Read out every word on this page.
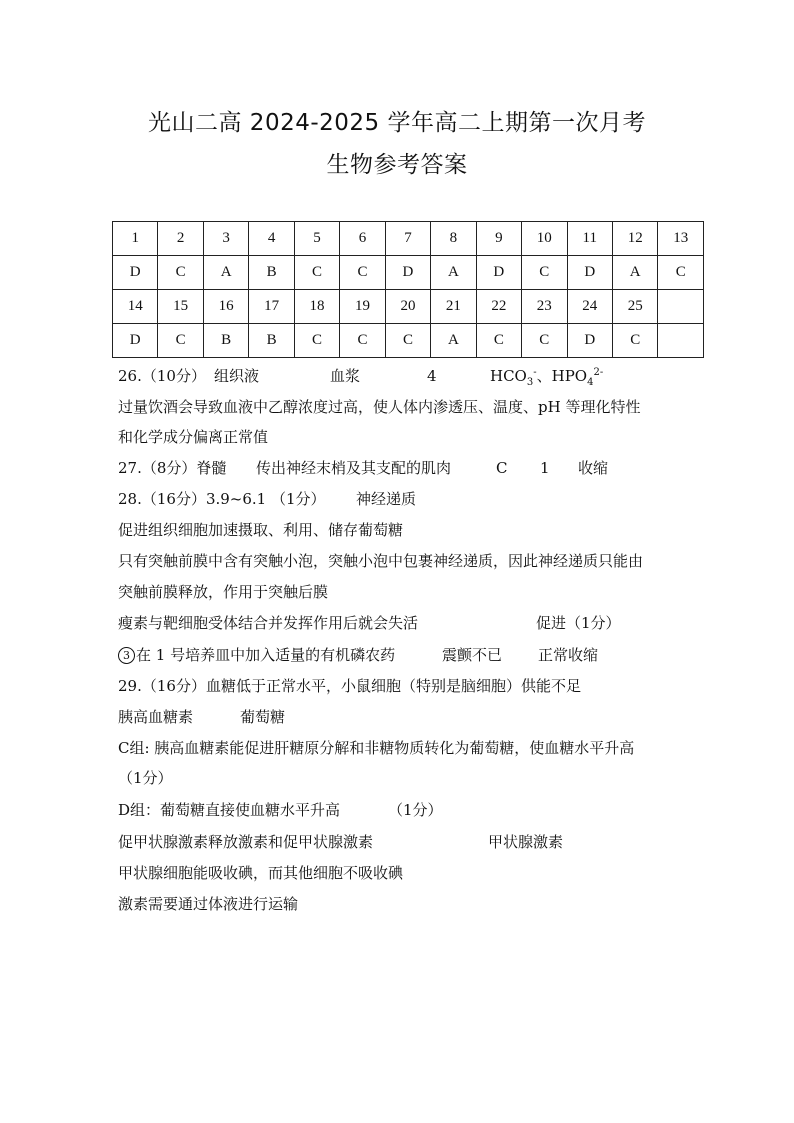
光山二高 2024-2025 学年高二上期第一次月考
生物参考答案
1	2	3	4	5	6	7	8	9	10	11	12	13
D	C	A	B	C	C	D	A	D	C	D	A	C
14	15	16	17	18	19	20	21	22	23	24	25	
D	C	B	B	C	C	C	A	C	C	D	C	
26.（10分） 组织液	血浆	4	$HCO_3^-$、$HPO_4^{2-}$
过量饮酒会导致血液中乙醇浓度过高，使人体内渗透压、温度、pH 等理化特性
和化学成分偏离正常值
27.（8分）脊髓 传出神经末梢及其支配的肌肉	C 1 收缩
28.（16分）3.9~6.1 （1分） 神经递质
促进组织细胞加速摄取、利用、储存葡萄糖
只有突触前膜中含有突触小泡，突触小泡中包裹神经递质，因此神经递质只能由
突触前膜释放，作用于突触后膜
瘦素与靶细胞受体结合并发挥作用后就会失活	促进（1分）
3 在 1 号培养皿中加入适量的有机磷农药	震颤不已 正常收缩
29.（16分）血糖低于正常水平，小鼠细胞（特别是脑细胞）供能不足
胰高血糖素	葡萄糖
C组: 胰高血糖素能促进肝糖原分解和非糖物质转化为葡萄糖，使血糖水平升高
（1分）
D组：葡萄糖直接使血糖水平升高	（1分）
促甲状腺激素释放激素和促甲状腺激素	甲状腺激素
甲状腺细胞能吸收碘，而其他细胞不吸收碘
激素需要通过体液进行运输
